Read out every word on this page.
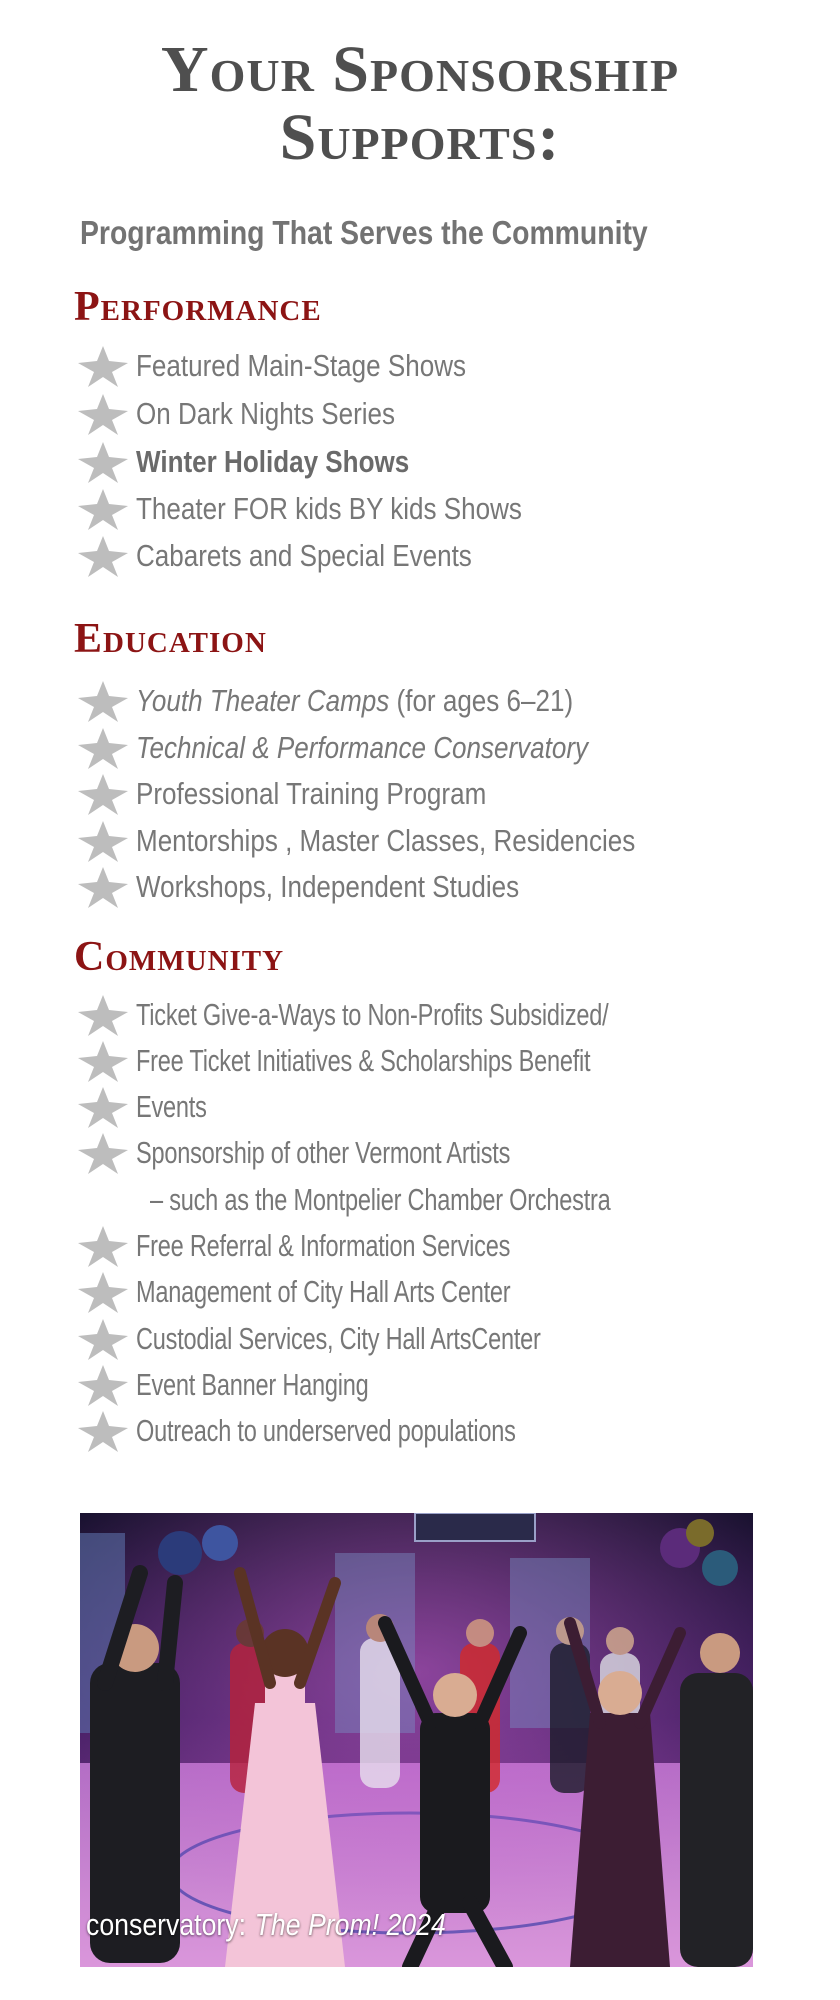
Your Sponsorship
Supports:
Programming That Serves the Community
Performance
Featured Main-Stage Shows
On Dark Nights Series
Winter Holiday Shows
Theater FOR kids BY kids Shows
Cabarets and Special Events
Education
Youth Theater Camps (for ages 6–21)
Technical & Performance Conservatory
Professional Training Program
Mentorships , Master Classes, Residencies
Workshops, Independent Studies
Community
Ticket Give-a-Ways to Non-Profits Subsidized/
Free Ticket Initiatives & Scholarships Benefit
Events
Sponsorship of other Vermont Artists
– such as the Montpelier Chamber Orchestra
Free Referral & Information Services
Management of City Hall Arts Center
Custodial Services, City Hall ArtsCenter
Event Banner Hanging
Outreach to underserved populations
conservatory: The Prom! 2024
